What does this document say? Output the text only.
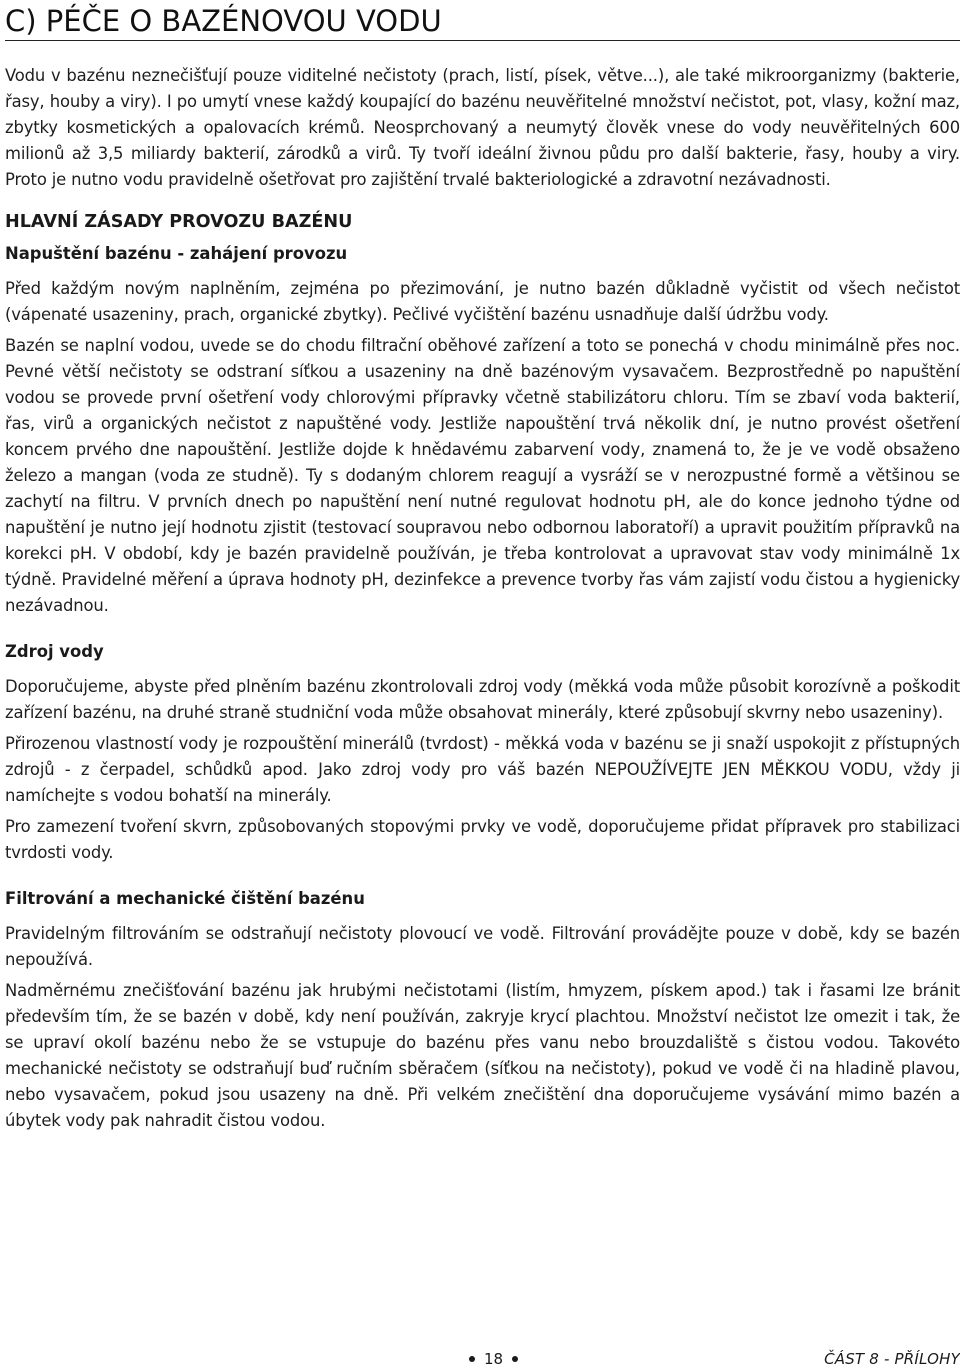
C) PÉČE O BAZÉNOVOU VODU

Vodu v bazénu neznečišťují pouze viditelné nečistoty (prach, listí, písek, větve...), ale také mikroorganizmy (bakterie, řasy, houby a viry). I po umytí vnese každý koupající do bazénu neuvěřitelné množství nečistot, pot, vlasy, kožní maz, zbytky kosmetických a opalovacích krémů. Neosprchovaný a neumytý člověk vnese do vody neuvěřitelných 600 milionů až 3,5 miliardy bakterií, zárodků a virů. Ty tvoří ideální živnou půdu pro další bakterie, řasy, houby a viry. Proto je nutno vodu pravidelně ošetřovat pro zajištění trvalé bakteriologické a zdravotní nezávadnosti.

HLAVNÍ ZÁSADY PROVOZU BAZÉNU
Napuštění bazénu - zahájení provozu

Před každým novým naplněním, zejména po přezimování, je nutno bazén důkladně vyčistit od všech nečistot (vápenaté usazeniny, prach, organické zbytky). Pečlivé vyčištění bazénu usnadňuje další údržbu vody.

Bazén se naplní vodou, uvede se do chodu filtrační oběhové zařízení a toto se ponechá v chodu minimálně přes noc. Pevné větší nečistoty se odstraní síťkou a usazeniny na dně bazénovým vysavačem. Bezprostředně po napuštění vodou se provede první ošetření vody chlorovými přípravky včetně stabilizátoru chloru. Tím se zbaví voda bakterií, řas, virů a organických nečistot z napuštěné vody. Jestliže napouštění trvá několik dní, je nutno provést ošetření koncem prvého dne napouštění. Jestliže dojde k hnědavému zabarvení vody, znamená to, že je ve vodě obsaženo železo a mangan (voda ze studně). Ty s dodaným chlorem reagují a vysráží se v nerozpustné formě a většinou se zachytí na filtru. V prvních dnech po napuštění není nutné regulovat hodnotu pH, ale do konce jednoho týdne od napuštění je nutno její hodnotu zjistit (testovací soupravou nebo odbornou laboratoří) a upravit použitím přípravků na korekci pH. V období, kdy je bazén pravidelně používán, je třeba kontrolovat a upravovat stav vody minimálně 1x týdně. Pravidelné měření a úprava hodnoty pH, dezinfekce a prevence tvorby řas vám zajistí vodu čistou a hygienicky nezávadnou.

Zdroj vody

Doporučujeme, abyste před plněním bazénu zkontrolovali zdroj vody (měkká voda může působit korozívně a poškodit zařízení bazénu, na druhé straně studniční voda může obsahovat minerály, které způsobují skvrny nebo usazeniny).

Přirozenou vlastností vody je rozpouštění minerálů (tvrdost) - měkká voda v bazénu se ji snaží uspokojit z přístupných zdrojů - z čerpadel, schůdků apod. Jako zdroj vody pro váš bazén NEPOUŽÍVEJTE JEN MĚKKOU VODU, vždy ji namíchejte s vodou bohatší na minerály.

Pro zamezení tvoření skvrn, způsobovaných stopovými prvky ve vodě, doporučujeme přidat přípravek pro stabilizaci tvrdosti vody.

Filtrování a mechanické čištění bazénu

Pravidelným filtrováním se odstraňují nečistoty plovoucí ve vodě. Filtrování provádějte pouze v době, kdy se bazén nepoužívá.

Nadměrnému znečišťování bazénu jak hrubými nečistotami (listím, hmyzem, pískem apod.) tak i řasami lze bránit především tím, že se bazén v době, kdy není používán, zakryje krycí plachtou. Množství nečistot lze omezit i tak, že se upraví okolí bazénu nebo že se vstupuje do bazénu přes vanu nebo brouzdaliště s čistou vodou. Takovéto mechanické nečistoty se odstraňují buď ručním sběračem (síťkou na nečistoty), pokud ve vodě či na hladině plavou, nebo vysavačem, pokud jsou usazeny na dně. Při velkém znečištění dna doporučujeme vysávání mimo bazén a úbytek vody pak nahradit čistou vodou.

18	ČÁST 8 - PŘÍLOHY
